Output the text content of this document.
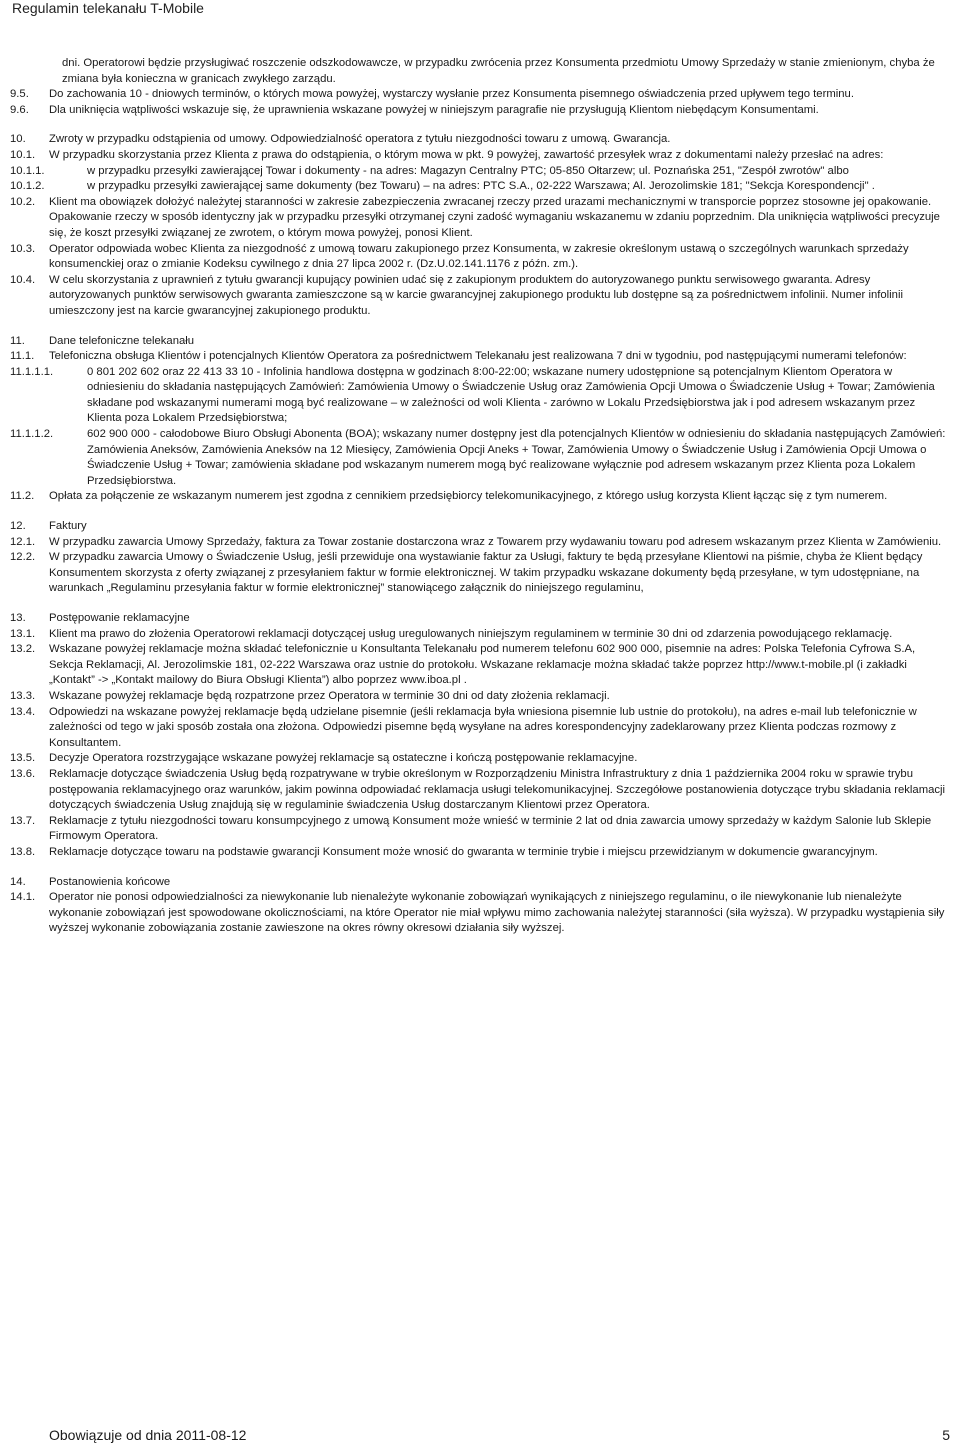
Regulamin telekanału T-Mobile
dni. Operatorowi będzie przysługiwać roszczenie odszkodowawcze, w przypadku zwrócenia przez Konsumenta przedmiotu Umowy Sprzedaży w stanie zmienionym, chyba że zmiana była konieczna w granicach zwykłego zarządu.
9.5. Do zachowania 10 - dniowych terminów, o których mowa powyżej, wystarczy wysłanie przez Konsumenta pisemnego oświadczenia przed upływem tego terminu.
9.6. Dla uniknięcia wątpliwości wskazuje się, że uprawnienia wskazane powyżej w niniejszym paragrafie nie przysługują Klientom niebędącym Konsumentami.
10. Zwroty w przypadku odstąpienia od umowy. Odpowiedzialność operatora z tytułu niezgodności towaru z umową. Gwarancja.
10.1. W przypadku skorzystania przez Klienta z prawa do odstąpienia, o którym mowa w pkt. 9 powyżej, zawartość przesyłek wraz z dokumentami należy przesłać na adres:
10.1.1.	w przypadku przesyłki zawierającej Towar i dokumenty - na adres: Magazyn Centralny PTC; 05-850 Ołtarzew; ul. Poznańska 251, "Zespół zwrotów" albo
10.1.2.	w przypadku przesyłki zawierającej same dokumenty (bez Towaru) – na adres: PTC S.A., 02-222 Warszawa; Al. Jerozolimskie 181; "Sekcja Korespondencji" .
10.2. Klient ma obowiązek dołożyć należytej staranności w zakresie zabezpieczenia zwracanej rzeczy przed urazami mechanicznymi w transporcie poprzez stosowne jej opakowanie. Opakowanie rzeczy w sposób identyczny jak w przypadku przesyłki otrzymanej czyni zadość wymaganiu wskazanemu w zdaniu poprzednim. Dla uniknięcia wątpliwości precyzuje się, że koszt przesyłki związanej ze zwrotem, o którym mowa powyżej, ponosi Klient.
10.3. Operator odpowiada wobec Klienta za niezgodność z umową towaru zakupionego przez Konsumenta, w zakresie określonym ustawą o szczególnych warunkach sprzedaży konsumenckiej oraz o zmianie Kodeksu cywilnego z dnia 27 lipca 2002 r. (Dz.U.02.141.1176 z późn. zm.).
10.4. W celu skorzystania z uprawnień z tytułu gwarancji kupujący powinien udać się z zakupionym produktem do autoryzowanego punktu serwisowego gwaranta. Adresy autoryzowanych punktów serwisowych gwaranta zamieszczone są w karcie gwarancyjnej zakupionego produktu lub dostępne są za pośrednictwem infolinii. Numer infolinii umieszczony jest na karcie gwarancyjnej zakupionego produktu.
11. Dane telefoniczne telekanału
11.1. Telefoniczna obsługa Klientów i potencjalnych Klientów Operatora za pośrednictwem Telekanału jest realizowana 7 dni w tygodniu, pod następującymi numerami telefonów:
11.1.1.1.	0 801 202 602 oraz 22 413 33 10 - Infolinia handlowa dostępna w godzinach 8:00-22:00; wskazane numery udostępnione są potencjalnym Klientom Operatora w odniesieniu do składania następujących Zamówień: Zamówienia Umowy o Świadczenie Usług oraz Zamówienia Opcji Umowa o Świadczenie Usług + Towar; Zamówienia składane pod wskazanymi numerami mogą być realizowane – w zależności od woli Klienta - zarówno w Lokalu Przedsiębiorstwa jak i pod adresem wskazanym przez Klienta poza Lokalem Przedsiębiorstwa;
11.1.1.2.	602 900 000 - całodobowe Biuro Obsługi Abonenta (BOA); wskazany numer dostępny jest dla potencjalnych Klientów w odniesieniu do składania następujących Zamówień: Zamówienia Aneksów, Zamówienia Aneksów na 12 Miesięcy, Zamówienia Opcji Aneks + Towar, Zamówienia Umowy o Świadczenie Usług i Zamówienia Opcji Umowa o Świadczenie Usług + Towar; zamówienia składane pod wskazanym numerem mogą być realizowane wyłącznie pod adresem wskazanym przez Klienta poza Lokalem Przedsiębiorstwa.
11.2. Opłata za połączenie ze wskazanym numerem jest zgodna z cennikiem przedsiębiorcy telekomunikacyjnego, z którego usług korzysta Klient łącząc się z tym numerem.
12. Faktury
12.1. W przypadku zawarcia Umowy Sprzedaży, faktura za Towar zostanie dostarczona wraz z Towarem przy wydawaniu towaru pod adresem wskazanym przez Klienta w Zamówieniu.
12.2. W przypadku zawarcia Umowy o Świadczenie Usług, jeśli przewiduje ona wystawianie faktur za Usługi, faktury te będą przesyłane Klientowi na piśmie, chyba że Klient będący Konsumentem skorzysta z oferty związanej z przesyłaniem faktur w formie elektronicznej. W takim przypadku wskazane dokumenty będą przesyłane, w tym udostępniane, na warunkach „Regulaminu przesyłania faktur w formie elektronicznej” stanowiącego załącznik do niniejszego regulaminu,
13. Postępowanie reklamacyjne
13.1. Klient ma prawo do złożenia Operatorowi reklamacji dotyczącej usług uregulowanych niniejszym regulaminem w terminie 30 dni od zdarzenia powodującego reklamację.
13.2. Wskazane powyżej reklamacje można składać telefonicznie u Konsultanta Telekanału pod numerem telefonu 602 900 000, pisemnie na adres: Polska Telefonia Cyfrowa S.A, Sekcja Reklamacji, Al. Jerozolimskie 181, 02-222 Warszawa oraz ustnie do protokołu. Wskazane reklamacje można składać także poprzez http://www.t-mobile.pl (i zakładki „Kontakt” -> „Kontakt mailowy do Biura Obsługi Klienta”) albo poprzez www.iboa.pl .
13.3. Wskazane powyżej reklamacje będą rozpatrzone przez Operatora w terminie 30 dni od daty złożenia reklamacji.
13.4. Odpowiedzi na wskazane powyżej reklamacje będą udzielane pisemnie (jeśli reklamacja była wniesiona pisemnie lub ustnie do protokołu), na adres e-mail lub telefonicznie w zależności od tego w jaki sposób została ona złożona. Odpowiedzi pisemne będą wysyłane na adres korespondencyjny zadeklarowany przez Klienta podczas rozmowy z Konsultantem.
13.5. Decyzje Operatora rozstrzygające wskazane powyżej reklamacje są ostateczne i kończą postępowanie reklamacyjne.
13.6. Reklamacje dotyczące świadczenia Usług będą rozpatrywane w trybie określonym w Rozporządzeniu Ministra Infrastruktury z dnia 1 października 2004 roku w sprawie trybu postępowania reklamacyjnego oraz warunków, jakim powinna odpowiadać reklamacja usługi telekomunikacyjnej. Szczegółowe postanowienia dotyczące trybu składania reklamacji dotyczących świadczenia Usług znajdują się w regulaminie świadczenia Usług dostarczanym Klientowi przez Operatora.
13.7. Reklamacje z tytułu niezgodności towaru konsumpcyjnego z umową Konsument może wnieść w terminie 2 lat od dnia zawarcia umowy sprzedaży w każdym Salonie lub Sklepie Firmowym Operatora.
13.8. Reklamacje dotyczące towaru na podstawie gwarancji Konsument może wnosić do gwaranta w terminie trybie i miejscu przewidzianym w dokumencie gwarancyjnym.
14. Postanowienia końcowe
14.1. Operator nie ponosi odpowiedzialności za niewykonanie lub nienależyte wykonanie zobowiązań wynikających z niniejszego regulaminu, o ile niewykonanie lub nienależyte wykonanie zobowiązań jest spowodowane okolicznościami, na które Operator nie miał wpływu mimo zachowania należytej staranności (siła wyższa). W przypadku wystąpienia siły wyższej wykonanie zobowiązania zostanie zawieszone na okres równy okresowi działania siły wyższej.
Obowiązuje od dnia 2011-08-12	5
